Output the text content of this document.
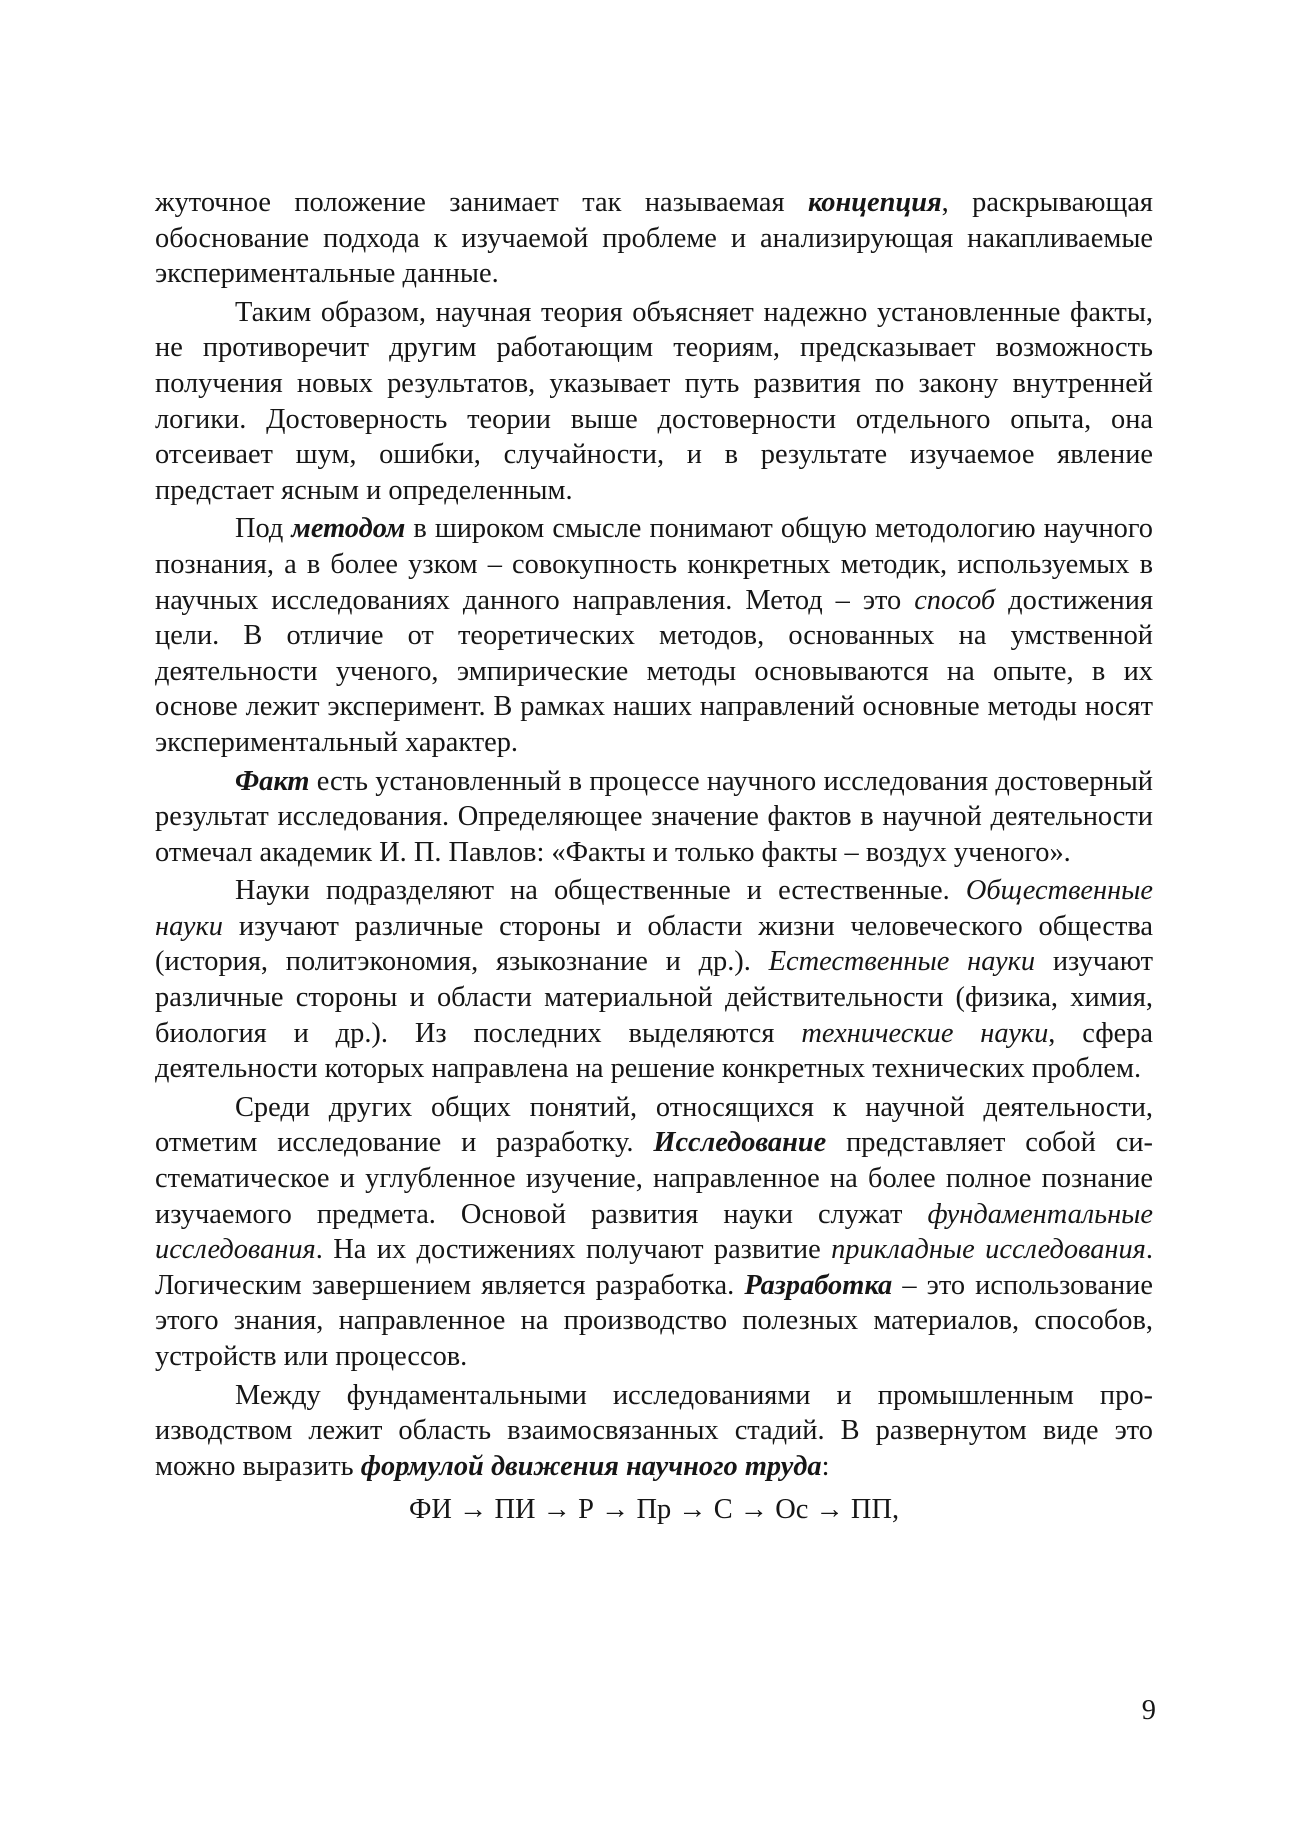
жуточное положение занимает так называемая концепция, раскрывающая обоснование подхода к изучаемой проблеме и анализирующая накапливаемые экспериментальные данные.

Таким образом, научная теория объясняет надежно установленные факты, не противоречит другим работающим теориям, предсказывает возможность получения новых результатов, указывает путь развития по закону внутренней логики. Достоверность теории выше достоверности отдельного опыта, она отсеивает шум, ошибки, случайности, и в результате изучаемое явление предстает ясным и определенным.

Под методом в широком смысле понимают общую методологию научного познания, а в более узком – совокупность конкретных методик, используемых в научных исследованиях данного направления. Метод – это способ достижения цели. В отличие от теоретических методов, основанных на умственной деятельности ученого, эмпирические методы основываются на опыте, в их основе лежит эксперимент. В рамках наших направлений основные методы носят экспериментальный характер.

Факт есть установленный в процессе научного исследования достоверный результат исследования. Определяющее значение фактов в научной деятельности отмечал академик И. П. Павлов: «Факты и только факты – воздух ученого».

Науки подразделяют на общественные и естественные. Общественные науки изучают различные стороны и области жизни человеческого общества (история, политэкономия, языкознание и др.). Естественные науки изучают различные стороны и области материальной действительности (физика, химия, биология и др.). Из последних выделяются технические науки, сфера деятельности которых направлена на решение конкретных технических проблем.

Среди других общих понятий, относящихся к научной деятельности, отметим исследование и разработку. Исследование представляет собой систематическое и углубленное изучение, направленное на более полное познание изучаемого предмета. Основой развития науки служат фундаментальные исследования. На их достижениях получают развитие прикладные исследования. Логическим завершением является разработка. Разработка – это использование этого знания, направленное на производство полезных материалов, способов, устройств или процессов.

Между фундаментальными исследованиями и промышленным производством лежит область взаимосвязанных стадий. В развернутом виде это можно выразить формулой движения научного труда:

ФИ → ПИ → Р → Пр → С → Ос → ПП,

9
